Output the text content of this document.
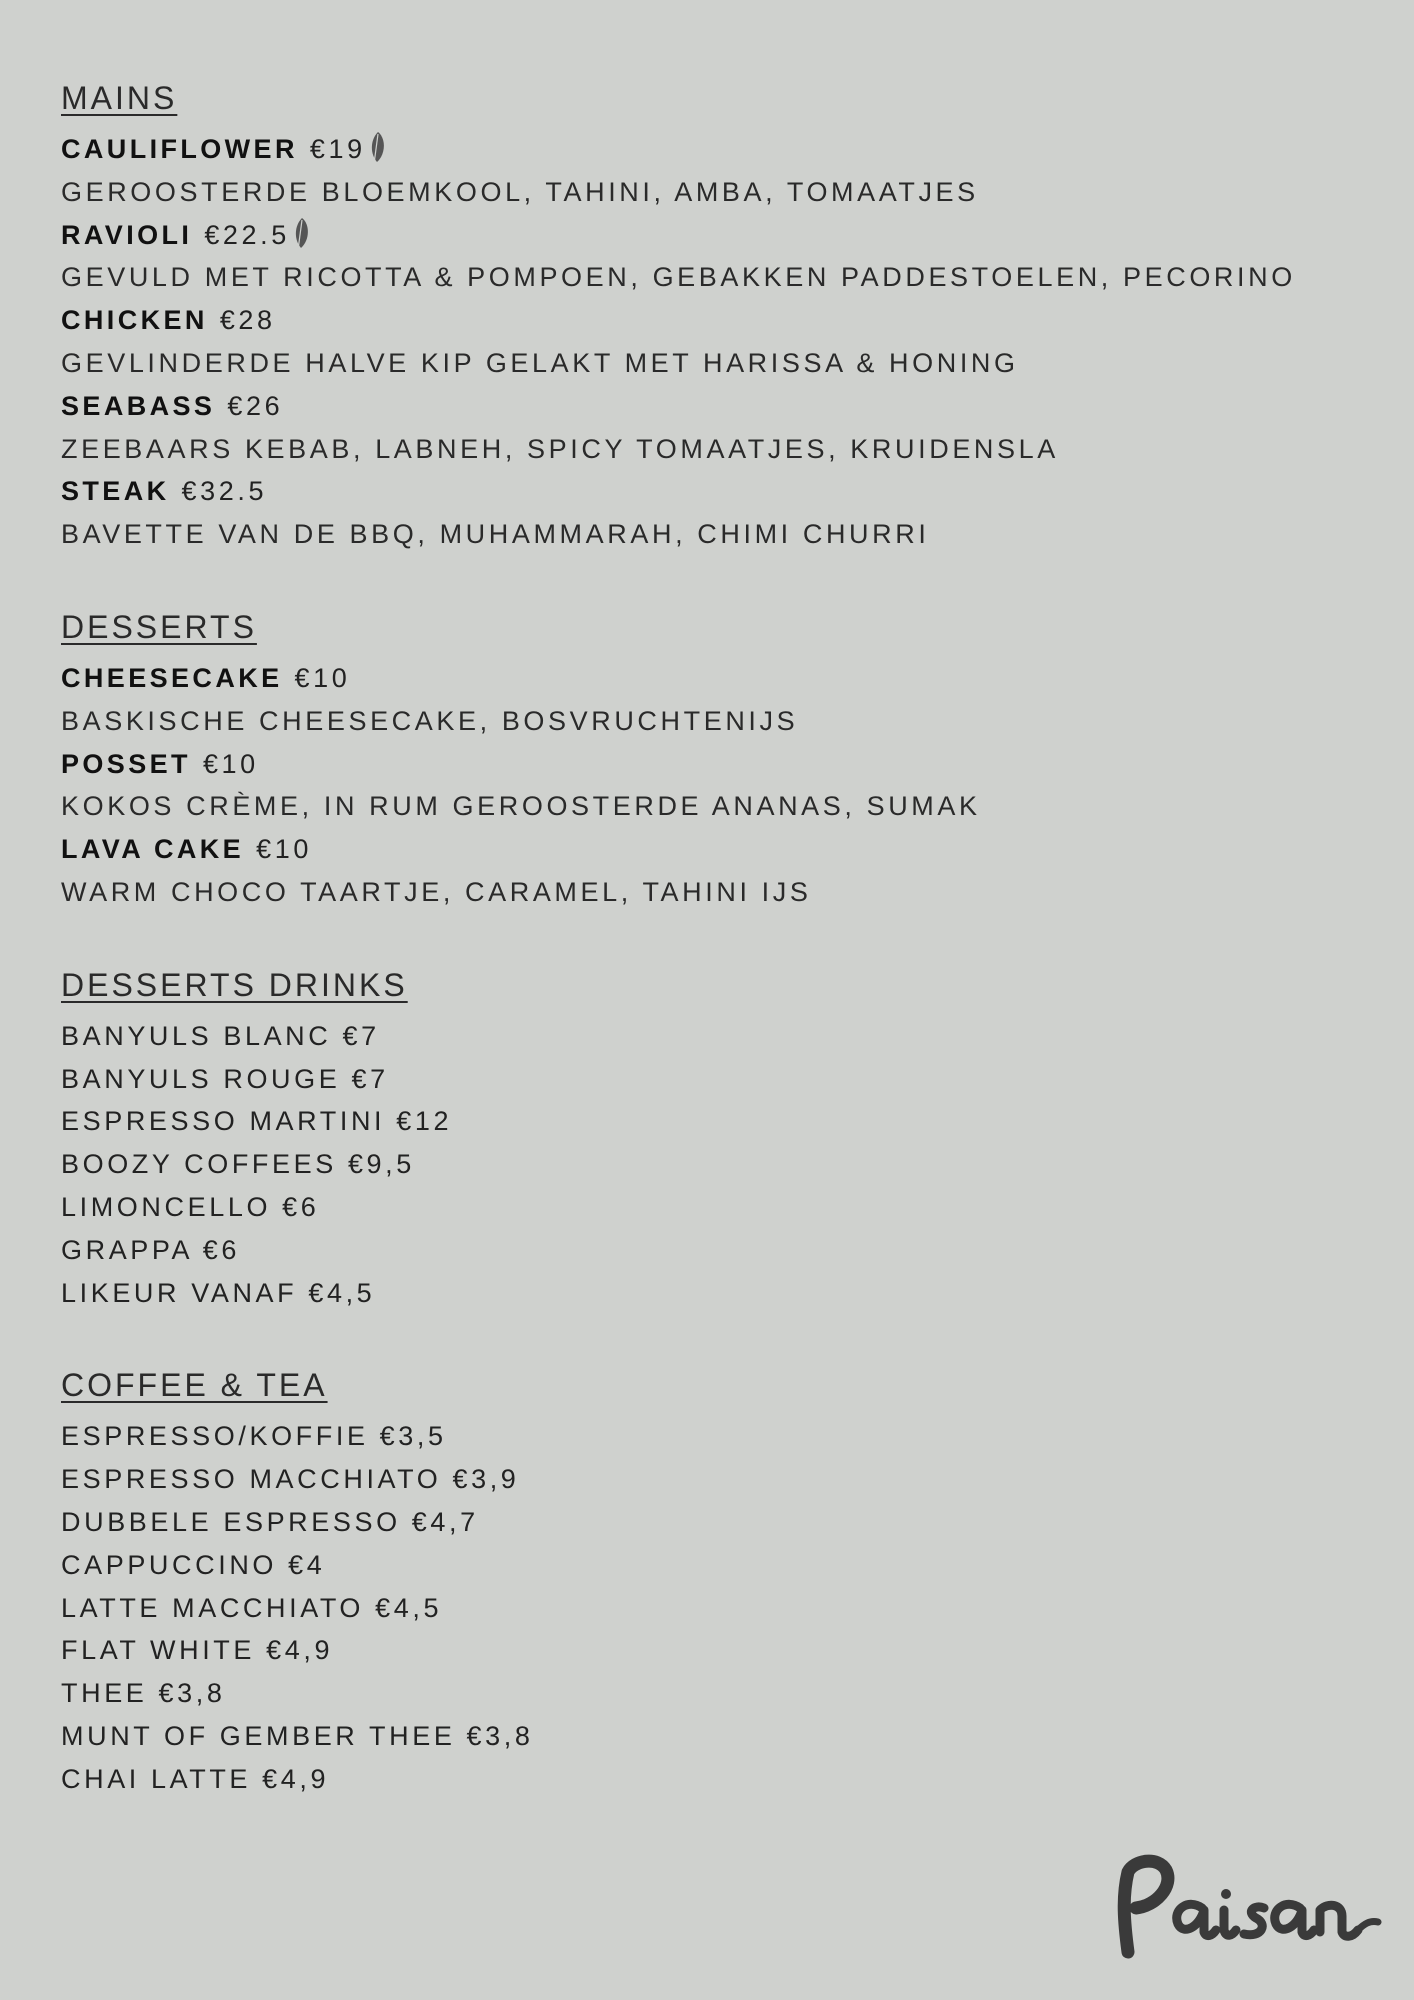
MAINS
CAULIFLOWER €19
GEROOSTERDE BLOEMKOOL, TAHINI, AMBA, TOMAATJES
RAVIOLI €22.5
GEVULD MET RICOTTA & POMPOEN, GEBAKKEN PADDESTOELEN, PECORINO
CHICKEN €28
GEVLINDERDE HALVE KIP GELAKT MET HARISSA & HONING
SEABASS €26
ZEEBAARS KEBAB, LABNEH, SPICY TOMAATJES, KRUIDENSLA
STEAK €32.5
BAVETTE VAN DE BBQ, MUHAMMARAH, CHIMI CHURRI
DESSERTS
CHEESECAKE €10
BASKISCHE CHEESECAKE, BOSVRUCHTENIJS
POSSET €10
KOKOS CRÈME, IN RUM GEROOSTERDE ANANAS, SUMAK
LAVA CAKE €10
WARM CHOCO TAARTJE, CARAMEL, TAHINI IJS
DESSERTS DRINKS
BANYULS BLANC €7
BANYULS ROUGE €7
ESPRESSO MARTINI €12
BOOZY COFFEES €9,5
LIMONCELLO €6
GRAPPA €6
LIKEUR VANAF €4,5
COFFEE & TEA
ESPRESSO/KOFFIE €3,5
ESPRESSO MACCHIATO €3,9
DUBBELE ESPRESSO €4,7
CAPPUCCINO €4
LATTE MACCHIATO €4,5
FLAT WHITE €4,9
THEE €3,8
MUNT OF GEMBER THEE €3,8
CHAI LATTE €4,9
